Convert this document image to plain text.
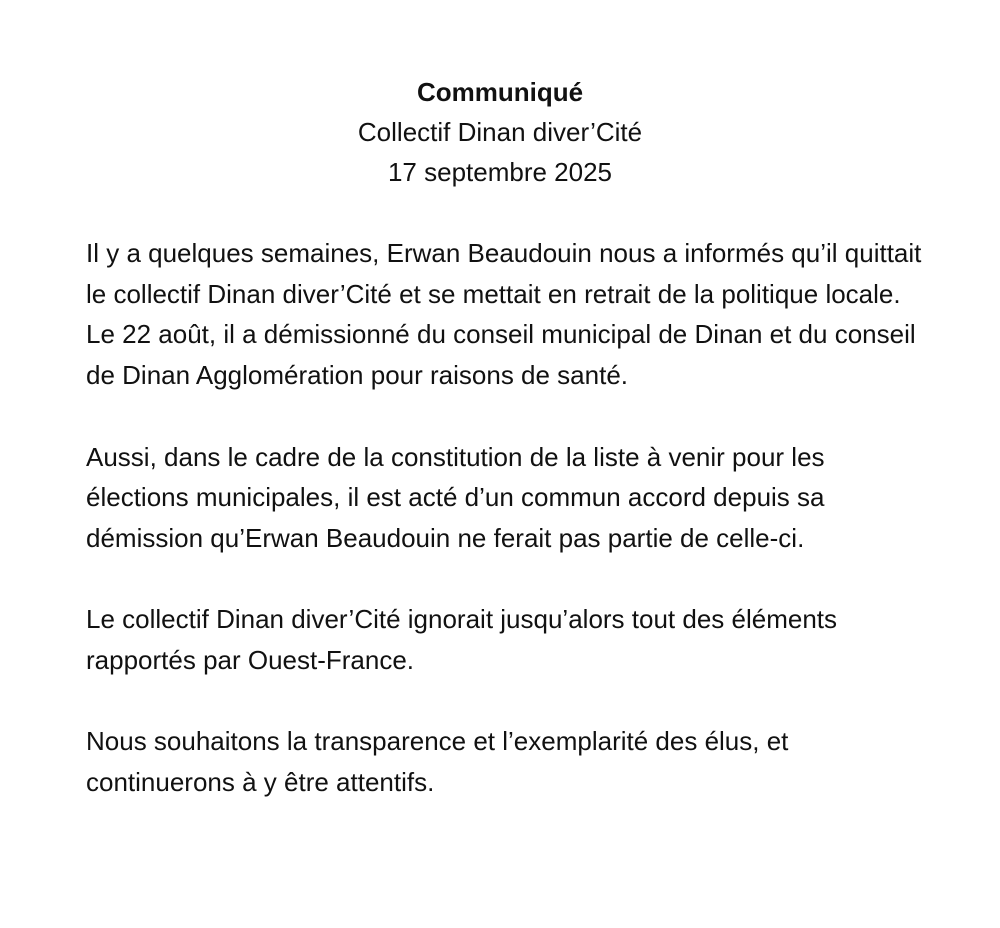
Communiqué
Collectif Dinan diver’Cité
17 septembre 2025

Il y a quelques semaines, Erwan Beaudouin nous a informés qu’il quittait le collectif Dinan diver’Cité et se mettait en retrait de la politique locale. Le 22 août, il a démissionné du conseil municipal de Dinan et du conseil de Dinan Agglomération pour raisons de santé.

Aussi, dans le cadre de la constitution de la liste à venir pour les élections municipales, il est acté d’un commun accord depuis sa démission qu’Erwan Beaudouin ne ferait pas partie de celle-ci.

Le collectif Dinan diver’Cité ignorait jusqu’alors tout des éléments rapportés par Ouest-France.

Nous souhaitons la transparence et l’exemplarité des élus, et continuerons à y être attentifs.
